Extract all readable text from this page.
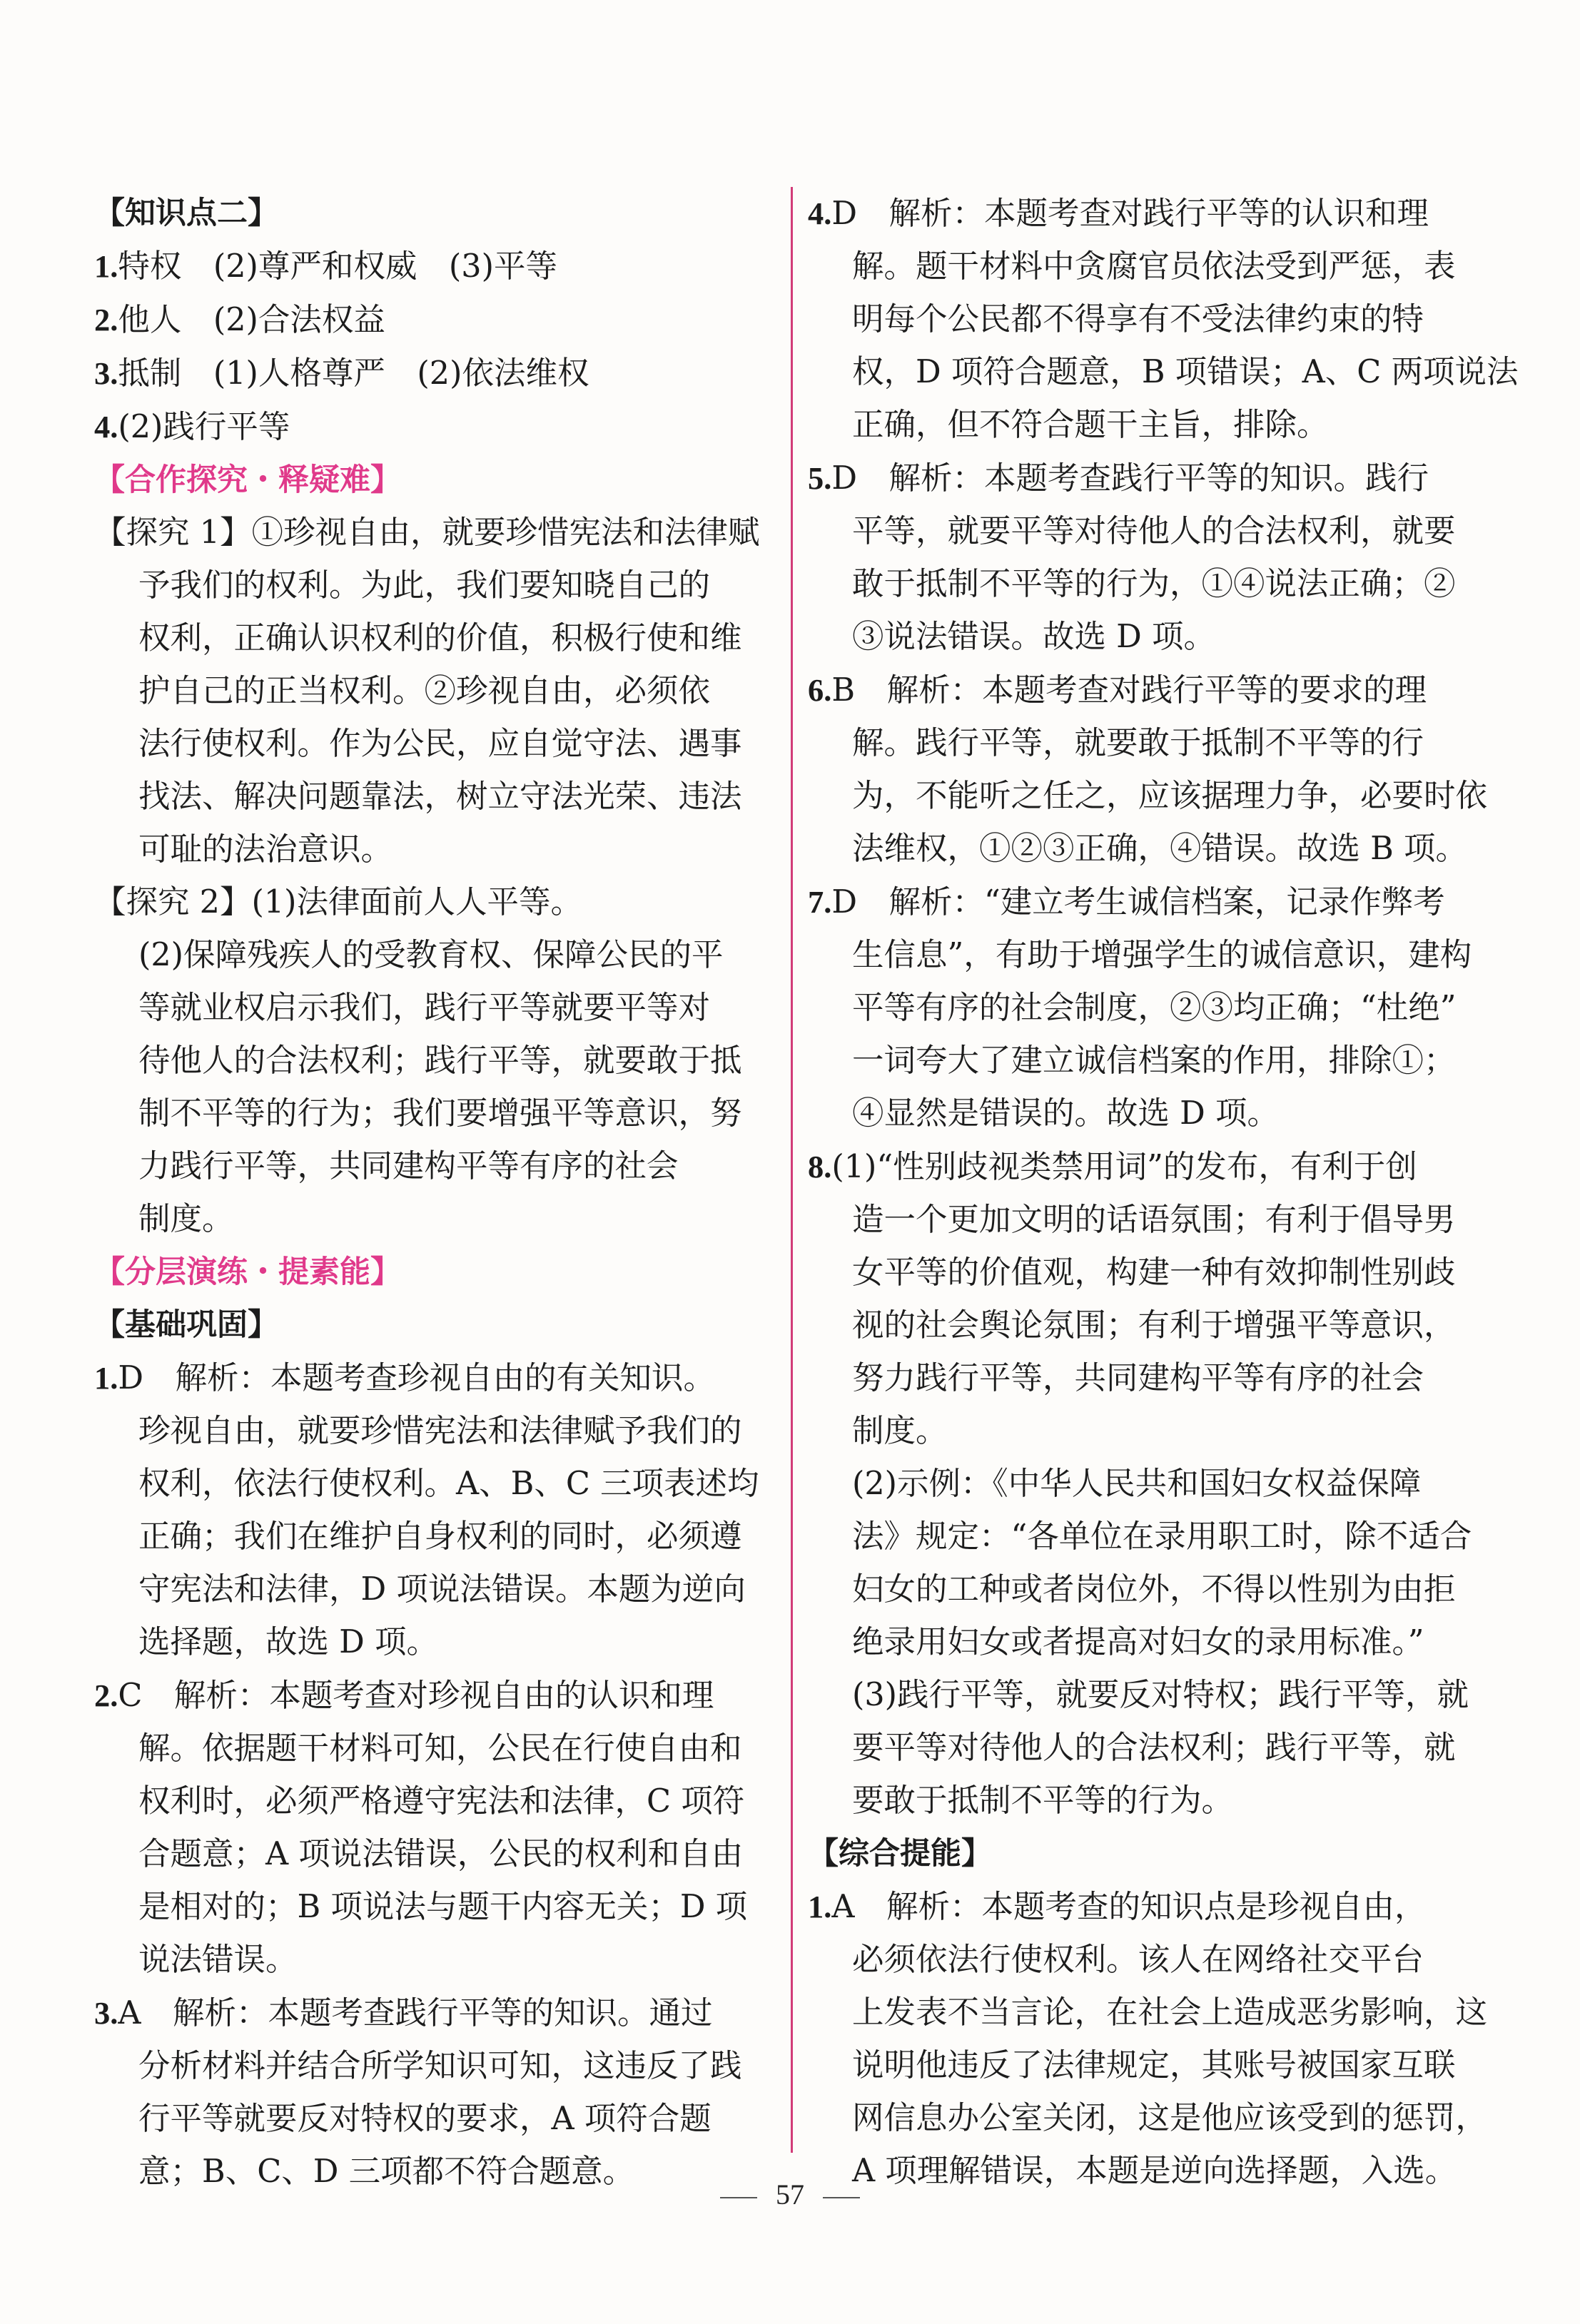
【知识点二】
1.特权　(2)尊严和权威　(3)平等
2.他人　(2)合法权益
3.抵制　(1)人格尊严　(2)依法维权
4.(2)践行平等
【合作探究・释疑难】
【探究 1】①珍视自由，就要珍惜宪法和法律赋
予我们的权利。为此，我们要知晓自己的
权利，正确认识权利的价值，积极行使和维
护自己的正当权利。②珍视自由，必须依
法行使权利。作为公民，应自觉守法、遇事
找法、解决问题靠法，树立守法光荣、违法
可耻的法治意识。
【探究 2】(1)法律面前人人平等。
(2)保障残疾人的受教育权、保障公民的平
等就业权启示我们，践行平等就要平等对
待他人的合法权利；践行平等，就要敢于抵
制不平等的行为；我们要增强平等意识，努
力践行平等，共同建构平等有序的社会
制度。
【分层演练・提素能】
【基础巩固】
1.D　解析：本题考查珍视自由的有关知识。
珍视自由，就要珍惜宪法和法律赋予我们的
权利，依法行使权利。A、B、C 三项表述均
正确；我们在维护自身权利的同时，必须遵
守宪法和法律，D 项说法错误。本题为逆向
选择题，故选 D 项。
2.C　解析：本题考查对珍视自由的认识和理
解。依据题干材料可知，公民在行使自由和
权利时，必须严格遵守宪法和法律，C 项符
合题意；A 项说法错误，公民的权利和自由
是相对的；B 项说法与题干内容无关；D 项
说法错误。
3.A　解析：本题考查践行平等的知识。通过
分析材料并结合所学知识可知，这违反了践
行平等就要反对特权的要求，A 项符合题
意；B、C、D 三项都不符合题意。
4.D　解析：本题考查对践行平等的认识和理
解。题干材料中贪腐官员依法受到严惩，表
明每个公民都不得享有不受法律约束的特
权，D 项符合题意，B 项错误；A、C 两项说法
正确，但不符合题干主旨，排除。
5.D　解析：本题考查践行平等的知识。践行
平等，就要平等对待他人的合法权利，就要
敢于抵制不平等的行为，①④说法正确；②
③说法错误。故选 D 项。
6.B　解析：本题考查对践行平等的要求的理
解。践行平等，就要敢于抵制不平等的行
为，不能听之任之，应该据理力争，必要时依
法维权，①②③正确，④错误。故选 B 项。
7.D　解析：“建立考生诚信档案，记录作弊考
生信息”，有助于增强学生的诚信意识，建构
平等有序的社会制度，②③均正确；“杜绝”
一词夸大了建立诚信档案的作用，排除①；
④显然是错误的。故选 D 项。
8.(1)“性别歧视类禁用词”的发布，有利于创
造一个更加文明的话语氛围；有利于倡导男
女平等的价值观，构建一种有效抑制性别歧
视的社会舆论氛围；有利于增强平等意识，
努力践行平等，共同建构平等有序的社会
制度。
(2)示例：《中华人民共和国妇女权益保障
法》规定：“各单位在录用职工时，除不适合
妇女的工种或者岗位外，不得以性别为由拒
绝录用妇女或者提高对妇女的录用标准。”
(3)践行平等，就要反对特权；践行平等，就
要平等对待他人的合法权利；践行平等，就
要敢于抵制不平等的行为。
【综合提能】
1.A　解析：本题考查的知识点是珍视自由，
必须依法行使权利。该人在网络社交平台
上发表不当言论，在社会上造成恶劣影响，这
说明他违反了法律规定，其账号被国家互联
网信息办公室关闭，这是他应该受到的惩罚，
A 项理解错误，本题是逆向选择题，入选。
57
